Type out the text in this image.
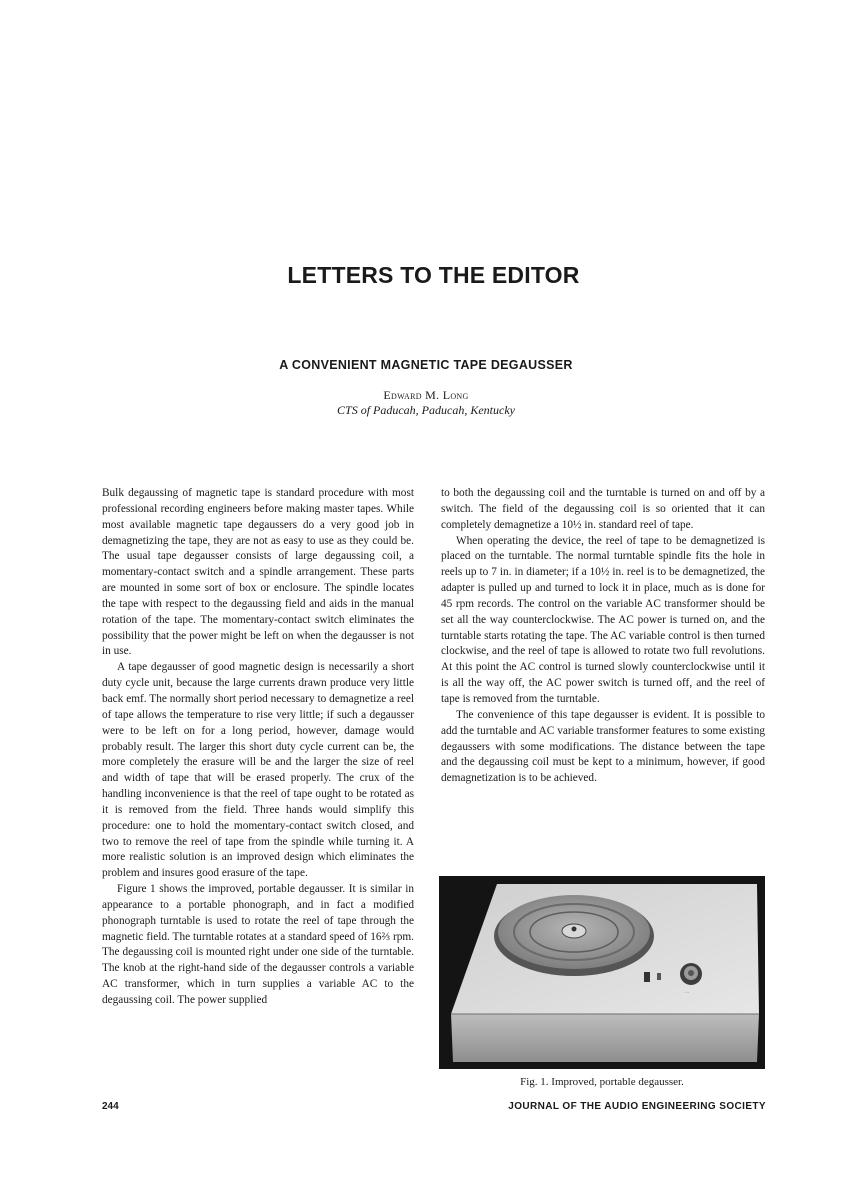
LETTERS TO THE EDITOR
A CONVENIENT MAGNETIC TAPE DEGAUSSER
Edward M. Long
CTS of Paducah, Paducah, Kentucky

Bulk degaussing of magnetic tape is standard procedure with most professional recording engineers before making master tapes. While most available magnetic tape degaussers do a very good job in demagnetizing the tape, they are not as easy to use as they could be. The usual tape degausser consists of large degaussing coil, a momentary-contact switch and a spindle arrangement. These parts are mounted in some sort of box or enclosure. The spindle locates the tape with respect to the degaussing field and aids in the manual rotation of the tape. The momentary-contact switch eliminates the possibility that the power might be left on when the degausser is not in use.

A tape degausser of good magnetic design is necessarily a short duty cycle unit, because the large currents drawn produce very little back emf. The normally short period necessary to demagnetize a reel of tape allows the temperature to rise very little; if such a degausser were to be left on for a long period, however, damage would probably result. The larger this short duty cycle current can be, the more completely the erasure will be and the larger the size of reel and width of tape that will be erased properly. The crux of the handling inconvenience is that the reel of tape ought to be rotated as it is removed from the field. Three hands would simplify this procedure: one to hold the momentary-contact switch closed, and two to remove the reel of tape from the spindle while turning it. A more realistic solution is an improved design which eliminates the problem and insures good erasure of the tape.

Figure 1 shows the improved, portable degausser. It is similar in appearance to a portable phonograph, and in fact a modified phonograph turntable is used to rotate the reel of tape through the magnetic field. The turntable rotates at a standard speed of 16⅔ rpm. The degaussing coil is mounted right under one side of the turntable. The knob at the right-hand side of the degausser controls a variable AC transformer, which in turn supplies a variable AC to the degaussing coil. The power supplied

to both the degaussing coil and the turntable is turned on and off by a switch. The field of the degaussing coil is so oriented that it can completely demagnetize a 10½ in. standard reel of tape.

When operating the device, the reel of tape to be demagnetized is placed on the turntable. The normal turntable spindle fits the hole in reels up to 7 in. in diameter; if a 10½ in. reel is to be demagnetized, the adapter is pulled up and turned to lock it in place, much as is done for 45 rpm records. The control on the variable AC transformer should be set all the way counterclockwise. The AC power is turned on, and the turntable starts rotating the tape. The AC variable control is then turned clockwise, and the reel of tape is allowed to rotate two full revolutions. At this point the AC control is turned slowly counterclockwise until it is all the way off, the AC power switch is turned off, and the reel of tape is removed from the turntable.

The convenience of this tape degausser is evident. It is possible to add the turntable and AC variable transformer features to some existing degaussers with some modifications. The distance between the tape and the degaussing coil must be kept to a minimum, however, if good demagnetization is to be achieved.

...
Fig. 1. Improved, portable degausser.
244	JOURNAL OF THE AUDIO ENGINEERING SOCIETY
